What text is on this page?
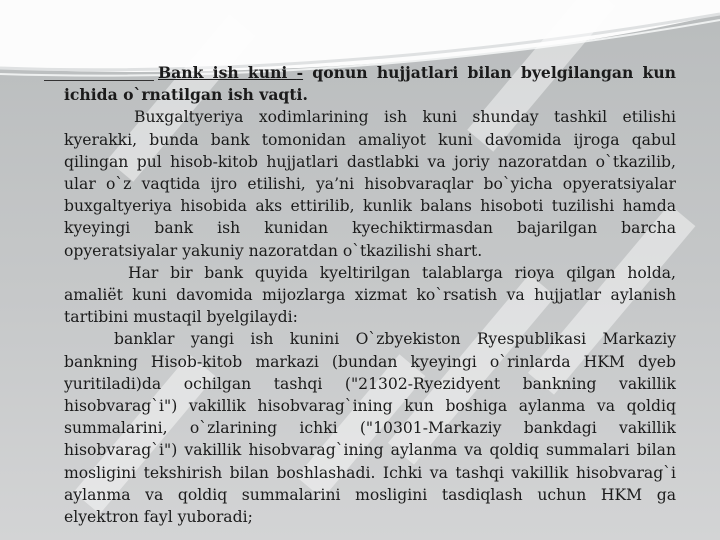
Bank ish kuni - qonun hujjatlari bilan byelgilangan kun ichida o`rnatilgan ish vaqti.

Buxgaltyeriya xodimlarining ish kuni shunday tashkil etilishi kyerakki, bunda bank tomonidan amaliyot kuni davomida ijroga qabul qilingan pul hisob-kitob hujjatlari dastlabki va joriy nazoratdan o`tkazilib, ular o`z vaqtida ijro etilishi, ya’ni hisobvaraqlar bo`yicha opyeratsiyalar buxgaltyeriya hisobida aks ettirilib, kunlik balans hisoboti tuzilishi hamda kyeyingi bank ish kunidan kyechiktirmasdan bajarilgan barcha opyeratsiyalar yakuniy nazoratdan o`tkazilishi shart.

Har bir bank quyida kyeltirilgan talablarga rioya qilgan holda, amaliёt kuni davomida mijozlarga xizmat ko`rsatish va hujjatlar aylanish tartibini mustaqil byelgilaydi:

banklar yangi ish kunini O`zbyekiston Ryespublikasi Markaziy bankning Hisob-kitob markazi (bundan kyeyingi o`rinlarda HKM dyeb yuritiladi)da ochilgan tashqi ("21302-Ryezidyent bankning vakillik hisobvarag`i") vakillik hisobvarag`ining kun boshiga aylanma va qoldiq summalarini, o`zlarining ichki ("10301-Markaziy bankdagi vakillik hisobvarag`i") vakillik hisobvarag`ining aylanma va qoldiq summalari bilan mosligini tekshirish bilan boshlashadi. Ichki va tashqi vakillik hisobvarag`i aylanma va qoldiq summalarini mosligini tasdiqlash uchun HKM ga elyektron fayl yuboradi;
